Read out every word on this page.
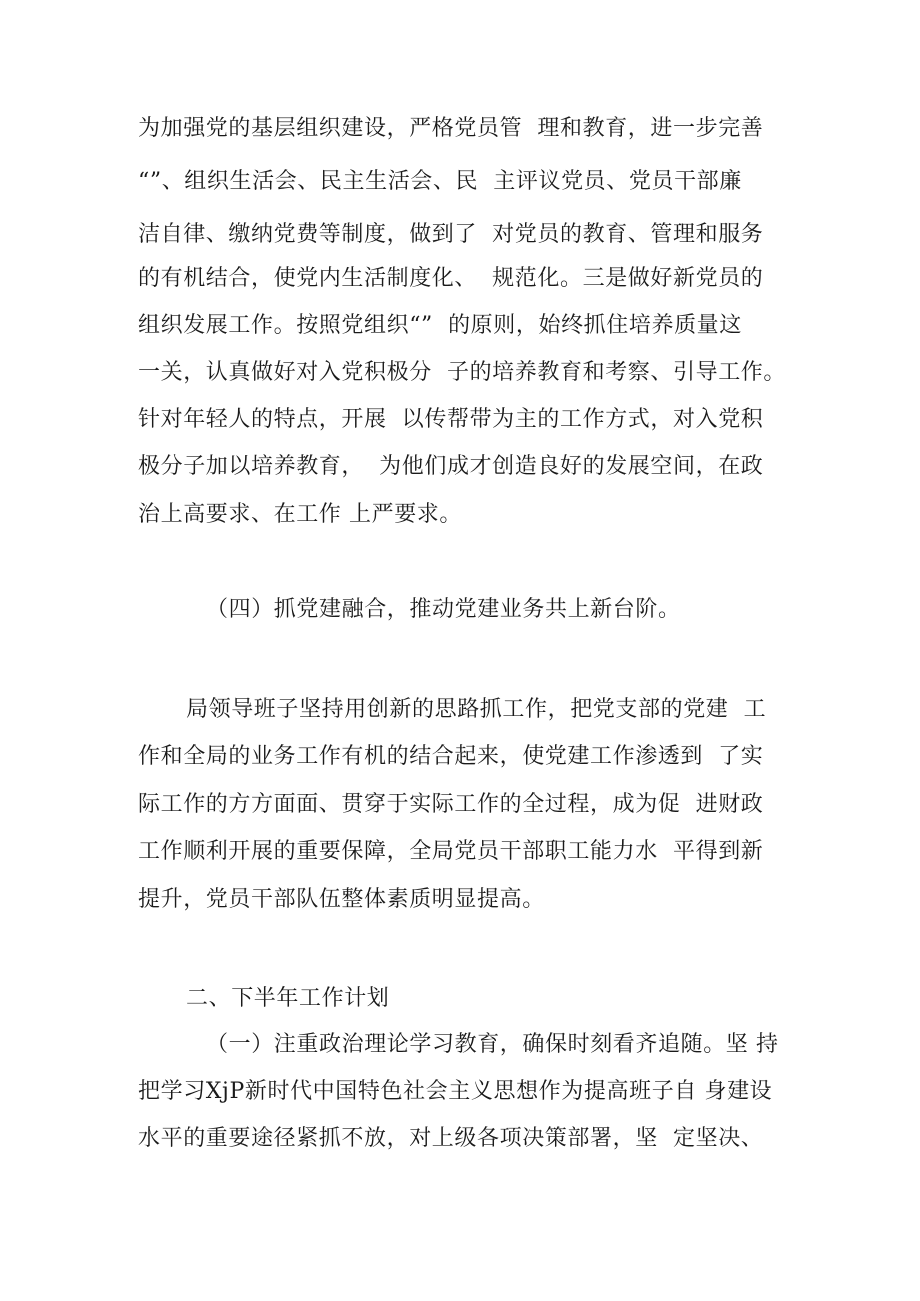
为加强党的基层组织建设，严格党员管  理和教育，进一步完善
“”、组织生活会、民主生活会、民  主评议党员、党员干部廉
洁自律、缴纳党费等制度，做到了  对党员的教育、管理和服务
的有机结合，使党内生活制度化、  规范化。三是做好新党员的
组织发展工作。按照党组织“”  的原则，始终抓住培养质量这
一关，认真做好对入党积极分  子的培养教育和考察、引导工作。
针对年轻人的特点，开展  以传帮带为主的工作方式，对入党积
极分子加以培养教育，  为他们成才创造良好的发展空间，在政
治上高要求、在工作 上严要求。
（四）抓党建融合，推动党建业务共上新台阶。
局领导班子坚持用创新的思路抓工作，把党支部的党建  工
作和全局的业务工作有机的结合起来，使党建工作渗透到  了实
际工作的方方面面、贯穿于实际工作的全过程，成为促  进财政
工作顺利开展的重要保障，全局党员干部职工能力水  平得到新
提升，党员干部队伍整体素质明显提高。
二、下半年工作计划
（一）注重政治理论学习教育，确保时刻看齐追随。坚 持
把学习XjP新时代中国特色社会主义思想作为提高班子自 身建设
水平的重要途径紧抓不放，对上级各项决策部署，坚  定坚决、
